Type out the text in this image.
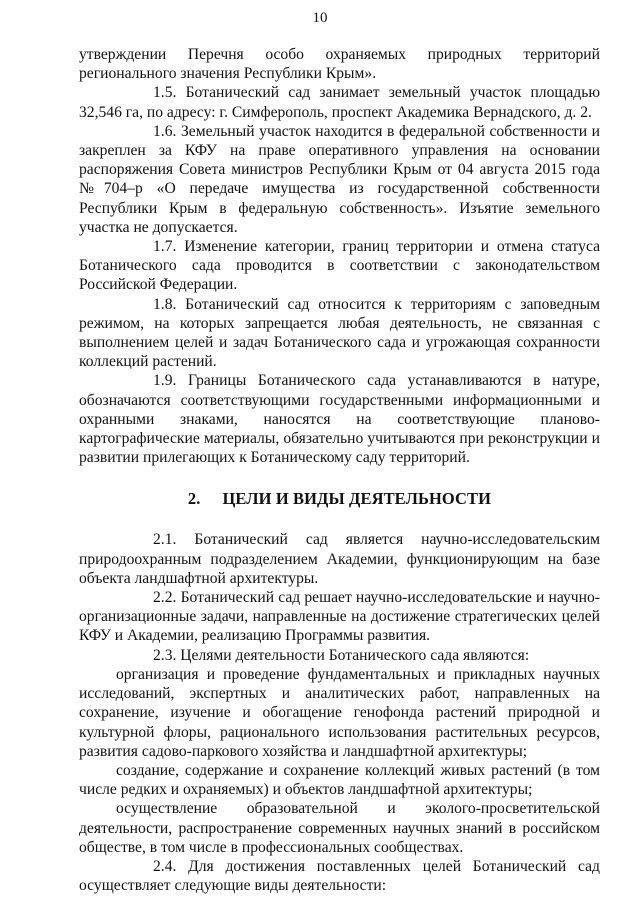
10

утверждении Перечня особо охраняемых природных территорий регионального значения Республики Крым».

1.5. Ботанический сад занимает земельный участок площадью 32,546 га, по адресу: г. Симферополь, проспект Академика Вернадского, д. 2.

1.6. Земельный участок находится в федеральной собственности и закреплен за КФУ на праве оперативного управления на основании распоряжения Совета министров Республики Крым от 04 августа 2015 года №704–р «О передаче имущества из государственной собственности Республики Крым в федеральную собственность». Изъятие земельного участка не допускается.

1.7. Изменение категории, границ территории и отмена статуса Ботанического сада проводится в соответствии с законодательством Российской Федерации.

1.8. Ботанический сад относится к территориям с заповедным режимом, на которых запрещается любая деятельность, не связанная с выполнением целей и задач Ботанического сада и угрожающая сохранности коллекций растений.

1.9. Границы Ботанического сада устанавливаются в натуре, обозначаются соответствующими государственными информационными и охранными знаками, наносятся на соответствующие планово-картографические материалы, обязательно учитываются при реконструкции и развитии прилегающих к Ботаническому саду территорий.

2. ЦЕЛИ И ВИДЫ ДЕЯТЕЛЬНОСТИ

2.1. Ботанический сад является научно-исследовательским природоохранным подразделением Академии, функционирующим на базе объекта ландшафтной архитектуры.

2.2. Ботанический сад решает научно-исследовательские и научно-организационные задачи, направленные на достижение стратегических целей КФУ и Академии, реализацию Программы развития.

2.3. Целями деятельности Ботанического сада являются:

организация и проведение фундаментальных и прикладных научных исследований, экспертных и аналитических работ, направленных на сохранение, изучение и обогащение генофонда растений природной и культурной флоры, рационального использования растительных ресурсов, развития садово-паркового хозяйства и ландшафтной архитектуры;

создание, содержание и сохранение коллекций живых растений (в том числе редких и охраняемых) и объектов ландшафтной архитектуры;

осуществление образовательной и эколого-просветительской деятельности, распространение современных научных знаний в российском обществе, в том числе в профессиональных сообществах.

2.4. Для достижения поставленных целей Ботанический сад осуществляет следующие виды деятельности:
